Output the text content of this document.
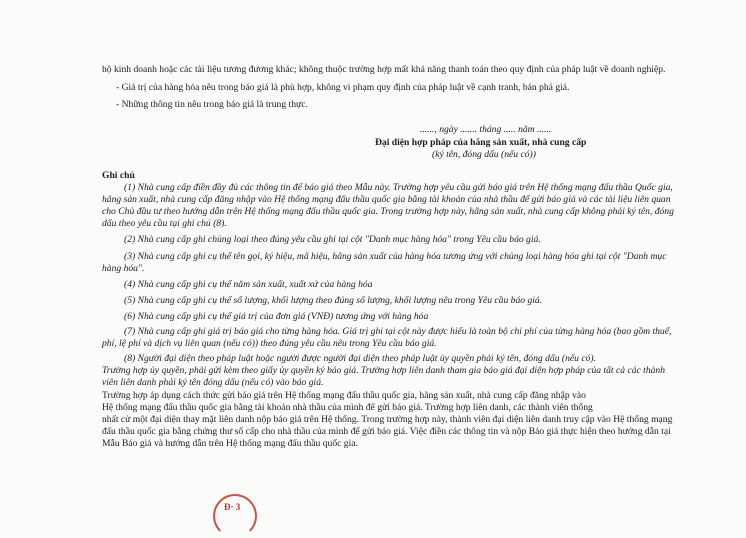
hộ kinh doanh hoặc các tài liệu tương đương khác; không thuộc trường hợp mất khả năng thanh toán theo quy định của pháp luật về doanh nghiệp.
- Giá trị của hàng hóa nêu trong báo giá là phù hợp, không vi phạm quy định của pháp luật về cạnh tranh, bán phá giá.
- Những thông tin nêu trong báo giá là trung thực.
......, ngày ....... tháng ..... năm ......
Đại diện hợp pháp của hãng sản xuất, nhà cung cấp
(ký tên, đóng dấu (nếu có))
Ghi chú
(1) Nhà cung cấp điền đầy đủ các thông tin để báo giá theo Mẫu này. Trường hợp yêu cầu gửi báo giá trên Hệ thống mạng đấu thầu Quốc gia,
hãng sản xuất, nhà cung cấp đăng nhập vào Hệ thống mạng đấu thầu quốc gia bằng tài khoản của nhà thầu để gửi báo giá và các tài liệu liên quan
cho Chủ đầu tư theo hướng dẫn trên Hệ thống mạng đấu thầu quốc gia. Trong trường hợp này, hãng sản xuất, nhà cung cấp không phải ký tên, đóng
dấu theo yêu cầu tại ghi chú (8).
(2) Nhà cung cấp ghi chủng loại theo đúng yêu cầu ghi tại cột "Danh mục hàng hóa" trong Yêu cầu báo giá.
(3) Nhà cung cấp ghi cụ thể tên gọi, ký hiệu, mã hiệu, hãng sản xuất của hàng hóa tương ứng với chủng loại hàng hóa ghi tại cột "Danh mục
hàng hóa".
(4) Nhà cung cấp ghi cụ thể năm sản xuất, xuất xứ của hàng hóa
(5) Nhà cung cấp ghi cụ thể số lượng, khối lượng theo đúng số lượng, khối lượng nêu trong Yêu cầu báo giá.
(6) Nhà cung cấp ghi cụ thể giá trị của đơn giá (VNĐ) tương ứng với hàng hóa
(7) Nhà cung cấp ghi giá trị báo giá cho từng hàng hóa. Giá trị ghi tại cột này được hiểu là toàn bộ chi phí của từng hàng hóa (bao gồm thuế,
phí, lệ phí và dịch vụ liên quan (nếu có)) theo đúng yêu cầu nêu trong Yêu cầu báo giá.
(8) Người đại diện theo pháp luật hoặc người được người đại diện theo pháp luật ủy quyền phải ký tên, đóng dấu (nếu có).
Trường hợp ủy quyền, phải gửi kèm theo giấy ủy quyền ký báo giá. Trường hợp liên danh tham gia báo giá đại diện hợp pháp của tất cả các thành
viên liên danh phải ký tên đóng dấu (nếu có) vào báo giá.
Trường hợp áp dụng cách thức gửi báo giá trên Hệ thống mạng đấu thầu quốc gia, hãng sản xuất, nhà cung cấp đăng nhập vào
Hệ thống mạng đấu thầu quốc gia bằng tài khoản nhà thầu của mình để gửi báo giá. Trường hợp liên danh, các thành viên thống
nhất cử một đại diện thay mặt liên danh nộp báo giá trên Hệ thống. Trong trường hợp này, thành viên đại diện liên danh truy cập vào Hệ thống mạng
đấu thầu quốc gia bằng chứng thư số cấp cho nhà thầu của mình để gửi báo giá. Việc điền các thông tin và nộp Báo giá thực hiện theo hướng dẫn tại
Mẫu Báo giá và hướng dẫn trên Hệ thống mạng đấu thầu quốc gia.
Đ· 3
